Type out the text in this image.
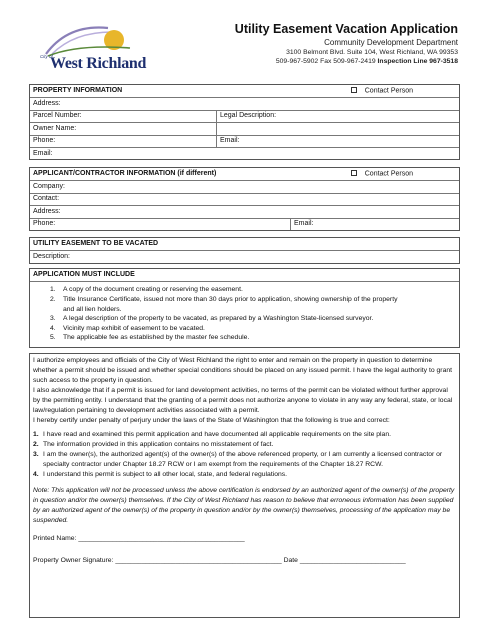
City of
West Richland
Utility Easement Vacation Application
Community Development Department
3100 Belmont Blvd. Suite 104, West Richland, WA 99353
509-967-5902 Fax 509-967-2419 Inspection Line 967-3518
PROPERTY INFORMATION	Contact Person
Address:
Parcel Number:	Legal Description:
Owner Name:
Phone:	Email:
Email:
APPLICANT/CONTRACTOR INFORMATION (if different)	Contact Person
Company:
Contact:
Address:
Phone:	Email:
UTILITY EASEMENT TO BE VACATED
Description:
APPLICATION MUST INCLUDE
1.	A copy of the document creating or reserving the easement.
2.	Title Insurance Certificate, issued not more than 30 days prior to application, showing ownership of the property
and all lien holders.
3.	A legal description of the property to be vacated, as prepared by a Washington State-licensed surveyor.
4.	Vicinity map exhibit of easement to be vacated.
5.	The applicable fee as established by the master fee schedule.

I authorize employees and officials of the City of West Richland the right to enter and remain on the property in question to determine whether a permit should be issued and whether special conditions should be placed on any issued permit. I have the legal authority to grant such access to the property in question.

I also acknowledge that if a permit is issued for land development activities, no terms of the permit can be violated without further approval by the permitting entity. I understand that the granting of a permit does not authorize anyone to violate in any way any federal, state, or local law/regulation pertaining to development activities associated with a permit.

I hereby certify under penalty of perjury under the laws of the State of Washington that the following is true and correct:

1. I have read and examined this permit application and have documented all applicable requirements on the site plan.
2. The information provided in this application contains no misstatement of fact.
3. I am the owner(s), the authorized agent(s) of the owner(s) of the above referenced property, or I am currently a licensed contractor or specialty contractor under Chapter 18.27 RCW or I am exempt from the requirements of the Chapter 18.27 RCW.
4. I understand this permit is subject to all other local, state, and federal regulations.

Note: This application will not be processed unless the above certification is endorsed by an authorized agent of the owner(s) of the property in question and/or the owner(s) themselves. If the City of West Richland has reason to believe that erroneous information has been supplied by an authorized agent of the owner(s) of the property in question and/or by the owner(s) themselves, processing of the application may be suspended.

Printed Name: ____________________________________________

Property Owner Signature: ____________________________________________ Date ____________________________
